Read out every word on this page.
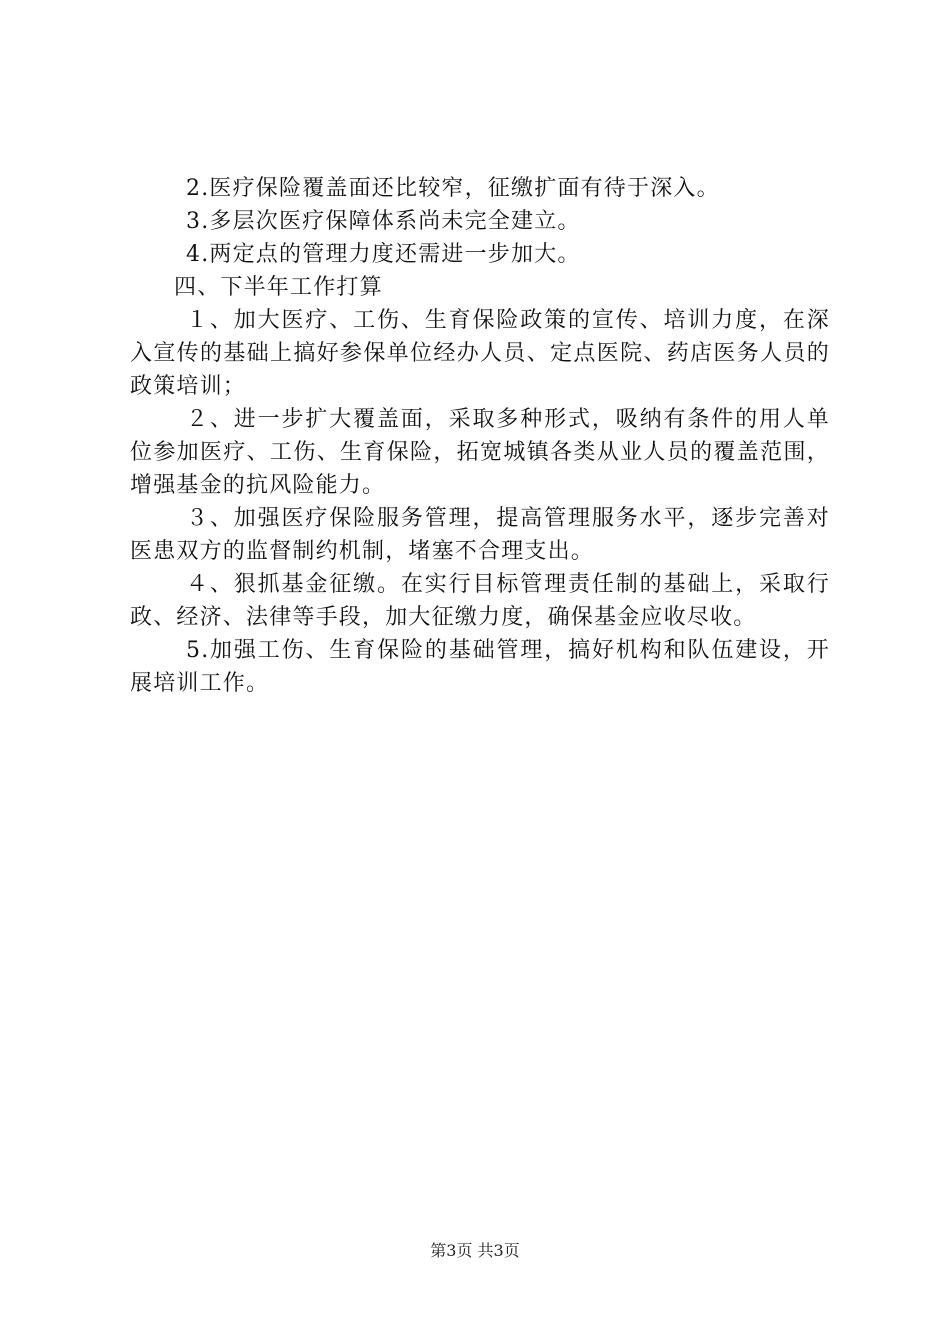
2.医疗保险覆盖面还比较窄，征缴扩面有待于深入。

3.多层次医疗保障体系尚未完全建立。

4.两定点的管理力度还需进一步加大。

四、下半年工作打算

１、加大医疗、工伤、生育保险政策的宣传、培训力度，在深入宣传的基础上搞好参保单位经办人员、定点医院、药店医务人员的政策培训；

２、进一步扩大覆盖面，采取多种形式，吸纳有条件的用人单位参加医疗、工伤、生育保险，拓宽城镇各类从业人员的覆盖范围，增强基金的抗风险能力。

３、加强医疗保险服务管理，提高管理服务水平，逐步完善对医患双方的监督制约机制，堵塞不合理支出。

４、狠抓基金征缴。在实行目标管理责任制的基础上，采取行政、经济、法律等手段，加大征缴力度，确保基金应收尽收。

5.加强工伤、生育保险的基础管理，搞好机构和队伍建设，开展培训工作。

第3页 共3页
